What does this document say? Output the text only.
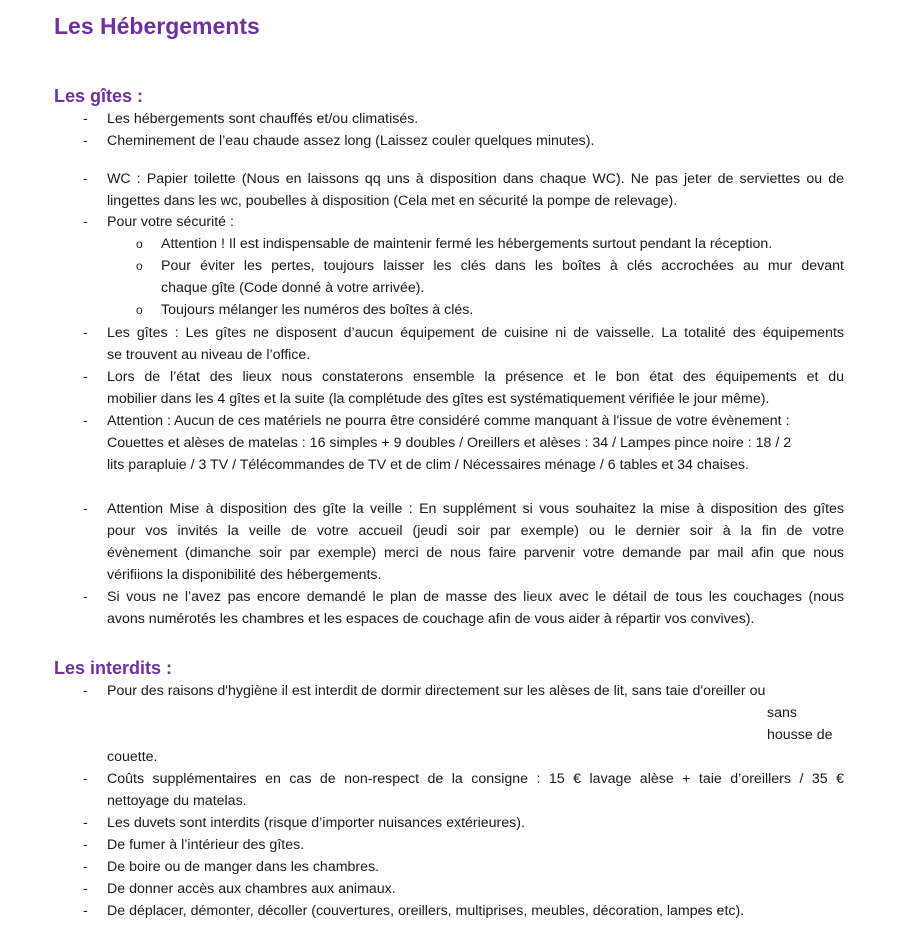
Les Hébergements
Les gîtes :
- Les hébergements sont chauffés et/ou climatisés.
- Cheminement de l’eau chaude assez long (Laissez couler quelques minutes).
- WC : Papier toilette (Nous en laissons qq uns à disposition dans chaque WC). Ne pas jeter de serviettes ou de
lingettes dans les wc, poubelles à disposition (Cela met en sécurité la pompe de relevage).
- Pour votre sécurité :
o Attention ! Il est indispensable de maintenir fermé les hébergements surtout pendant la réception.
o Pour éviter les pertes, toujours laisser les clés dans les boîtes à clés accrochées au mur devant
chaque gîte (Code donné à votre arrivée).
o Toujours mélanger les numéros des boîtes à clés.
- Les gîtes : Les gîtes ne disposent d’aucun équipement de cuisine ni de vaisselle. La totalité des équipements
se trouvent au niveau de l’office.
- Lors de l’état des lieux nous constaterons ensemble la présence et le bon état des équipements et du
mobilier dans les 4 gîtes et la suite (la complétude des gîtes est systématiquement vérifiée le jour même).
- Attention : Aucun de ces matériels ne pourra être considéré comme manquant à l'issue de votre évènement :
Couettes et alèses de matelas : 16 simples + 9 doubles / Oreillers et alèses : 34 / Lampes pince noire : 18 / 2
lits parapluie / 3 TV / Télécommandes de TV et de clim / Nécessaires ménage / 6 tables et 34 chaises.
- Attention Mise à disposition des gîte la veille : En supplément si vous souhaitez la mise à disposition des gîtes
pour vos invités la veille de votre accueil (jeudi soir par exemple) ou le dernier soir à la fin de votre
évènement (dimanche soir par exemple) merci de nous faire parvenir votre demande par mail afin que nous
vérifiions la disponibilité des hébergements.
- Si vous ne l’avez pas encore demandé le plan de masse des lieux avec le détail de tous les couchages (nous
avons numérotés les chambres et les espaces de couchage afin de vous aider à répartir vos convives).
Les interdits :
- Pour des raisons d'hygiène il est interdit de dormir directement sur les alèses de lit, sans taie d'oreiller ou
sans
housse de
couette.
- Coûts supplémentaires en cas de non-respect de la consigne : 15 € lavage alèse + taie d’oreillers / 35 €
nettoyage du matelas.
- Les duvets sont interdits (risque d’importer nuisances extérieures).
- De fumer à l’intérieur des gîtes.
- De boire ou de manger dans les chambres.
- De donner accès aux chambres aux animaux.
- De déplacer, démonter, décoller (couvertures, oreillers, multiprises, meubles, décoration, lampes etc).
